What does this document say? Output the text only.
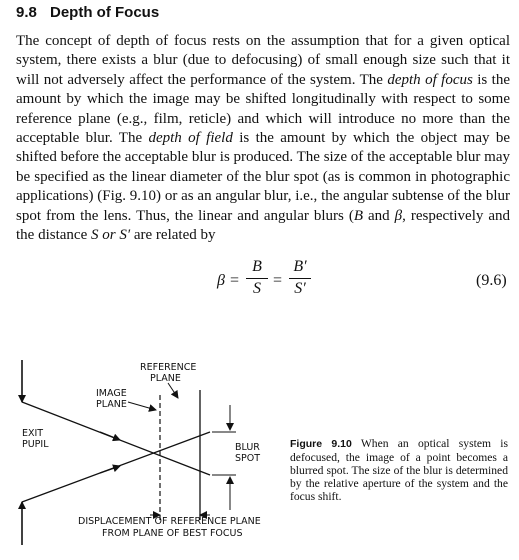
9.8 Depth of Focus

The concept of depth of focus rests on the assumption that for a given optical system, there exists a blur (due to defocusing) of small enough size such that it will not adversely affect the performance of the system. The depth of focus is the amount by which the image may be shifted longitudinally with respect to some reference plane (e.g., film, reticle) and which will introduce no more than the acceptable blur. The depth of field is the amount by which the object may be shifted before the acceptable blur is produced. The size of the acceptable blur may be specified as the linear diameter of the blur spot (as is common in photographic applications) (Fig. 9.10) or as an angular blur, i.e., the angular subtense of the blur spot from the lens. Thus, the linear and angular blurs (B and β, respectively and the distance S or S′ are related by

β =
B
S =
B′
S′	(9.6)
REFERENCE
PLANE
IMAGE
PLANE
EXIT
PUPIL	BLUR
SPOT
DISPLACEMENT OF REFERENCE PLANE
FROM PLANE OF BEST FOCUS
Figure 9.10 When an optical system is defocused, the image of a point becomes a blurred spot. The size of the blur is determined by the relative aperture of the system and the focus shift.
